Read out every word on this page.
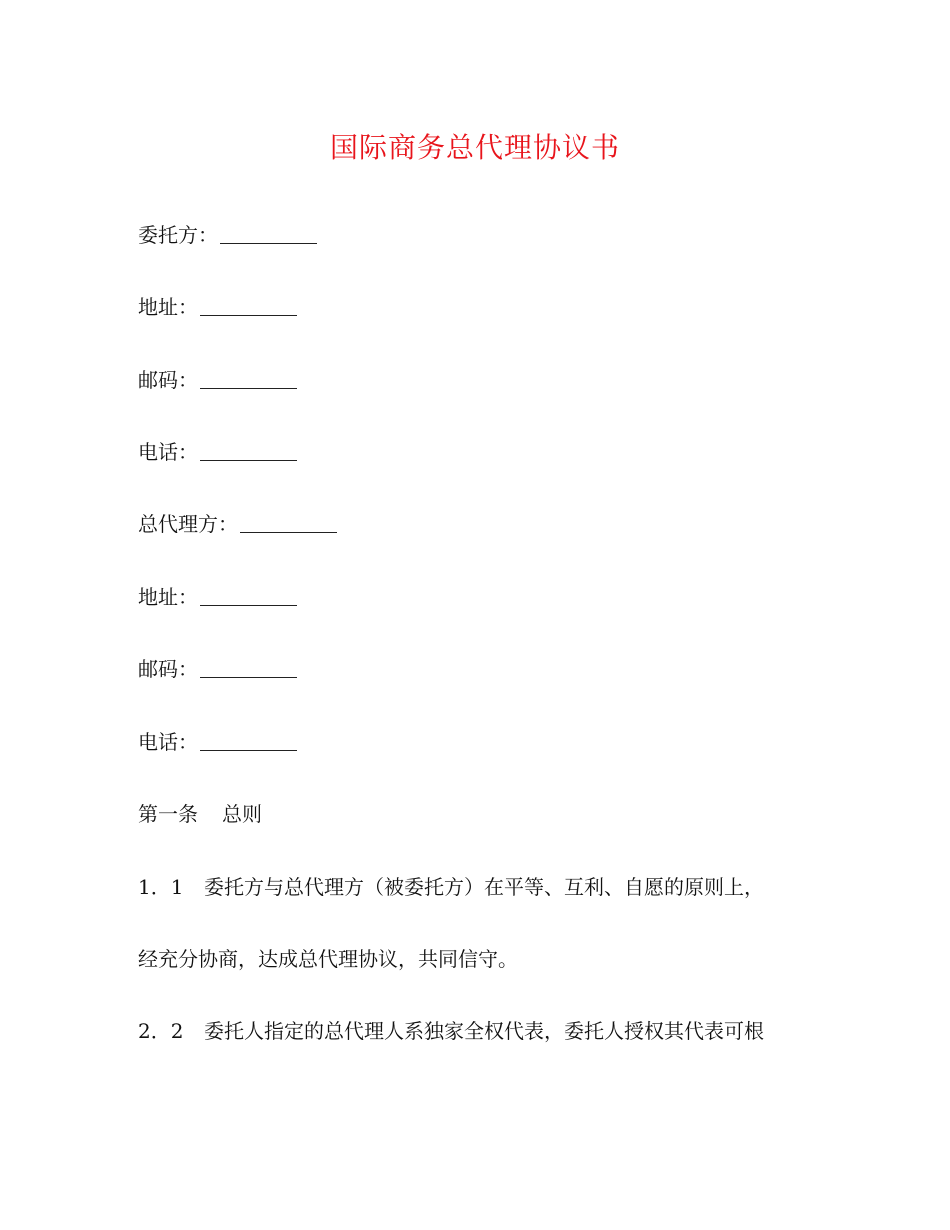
国际商务总代理协议书
委托方：
地址：
邮码：
电话：
总代理方：
地址：
邮码：
电话：
第一条 总则
1．1 委托方与总代理方（被委托方）在平等、互利、自愿的原则上，
经充分协商，达成总代理协议，共同信守。
2．2 委托人指定的总代理人系独家全权代表，委托人授权其代表可根
